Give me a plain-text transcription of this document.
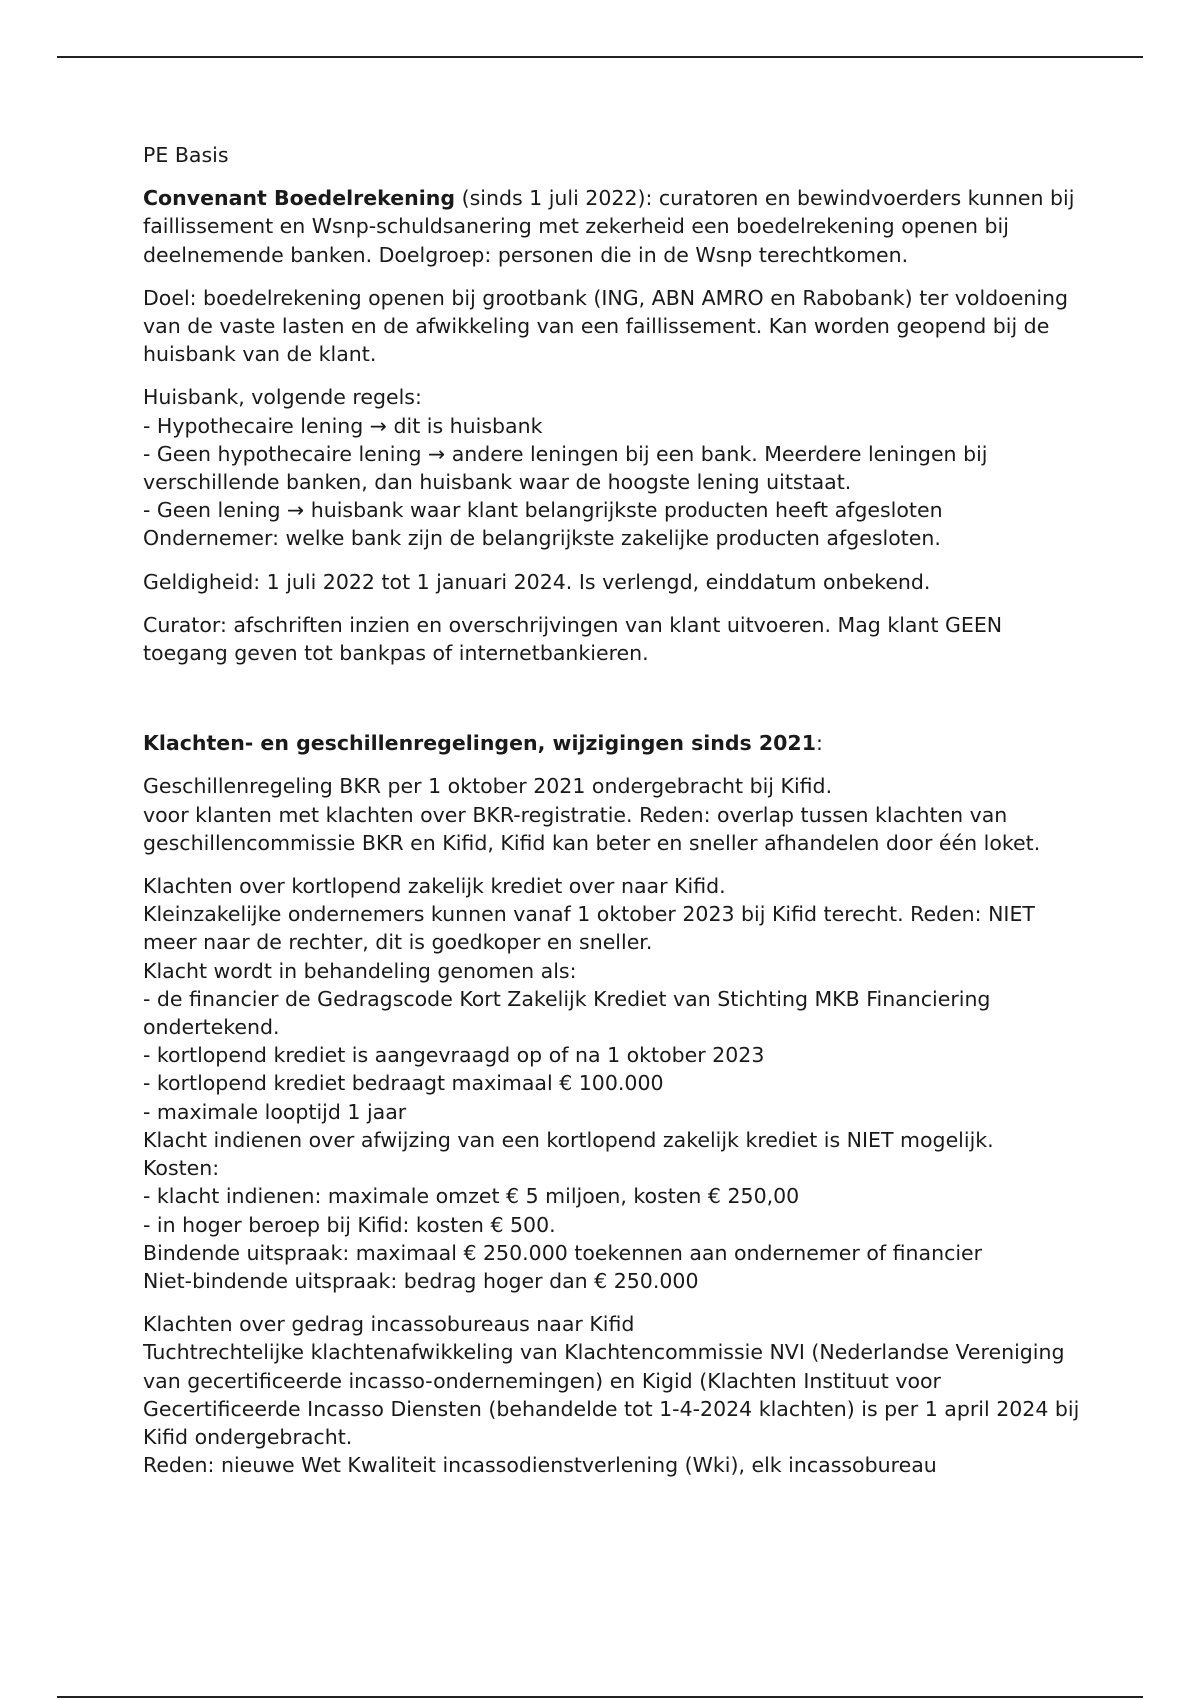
PE Basis

Convenant Boedelrekening (sinds 1 juli 2022): curatoren en bewindvoerders kunnen bij faillissement en Wsnp-schuldsanering met zekerheid een boedelrekening openen bij deelnemende banken. Doelgroep: personen die in de Wsnp terechtkomen.

Doel: boedelrekening openen bij grootbank (ING, ABN AMRO en Rabobank) ter voldoening van de vaste lasten en de afwikkeling van een faillissement. Kan worden geopend bij de huisbank van de klant.

Huisbank, volgende regels:
- Hypothecaire lening → dit is huisbank
- Geen hypothecaire lening → andere leningen bij een bank. Meerdere leningen bij verschillende banken, dan huisbank waar de hoogste lening uitstaat.
- Geen lening → huisbank waar klant belangrijkste producten heeft afgesloten
Ondernemer: welke bank zijn de belangrijkste zakelijke producten afgesloten.

Geldigheid: 1 juli 2022 tot 1 januari 2024. Is verlengd, einddatum onbekend.

Curator: afschriften inzien en overschrijvingen van klant uitvoeren. Mag klant GEEN toegang geven tot bankpas of internetbankieren.

Klachten- en geschillenregelingen, wijzigingen sinds 2021:

Geschillenregeling BKR per 1 oktober 2021 ondergebracht bij Kifid.
voor klanten met klachten over BKR-registratie. Reden: overlap tussen klachten van geschillencommissie BKR en Kifid, Kifid kan beter en sneller afhandelen door één loket.

Klachten over kortlopend zakelijk krediet over naar Kifid.
Kleinzakelijke ondernemers kunnen vanaf 1 oktober 2023 bij Kifid terecht. Reden: NIET meer naar de rechter, dit is goedkoper en sneller.
Klacht wordt in behandeling genomen als:
- de financier de Gedragscode Kort Zakelijk Krediet van Stichting MKB Financiering ondertekend.
- kortlopend krediet is aangevraagd op of na 1 oktober 2023
- kortlopend krediet bedraagt maximaal € 100.000
- maximale looptijd 1 jaar
Klacht indienen over afwijzing van een kortlopend zakelijk krediet is NIET mogelijk.
Kosten:
- klacht indienen: maximale omzet € 5 miljoen, kosten € 250,00
- in hoger beroep bij Kifid: kosten € 500.
Bindende uitspraak: maximaal € 250.000 toekennen aan ondernemer of financier
Niet-bindende uitspraak: bedrag hoger dan € 250.000

Klachten over gedrag incassobureaus naar Kifid
Tuchtrechtelijke klachtenafwikkeling van Klachtencommissie NVI (Nederlandse Vereniging van gecertificeerde incasso-ondernemingen) en Kigid (Klachten Instituut voor Gecertificeerde Incasso Diensten (behandelde tot 1-4-2024 klachten) is per 1 april 2024 bij Kifid ondergebracht.
Reden: nieuwe Wet Kwaliteit incassodienstverlening (Wki), elk incassobureau
